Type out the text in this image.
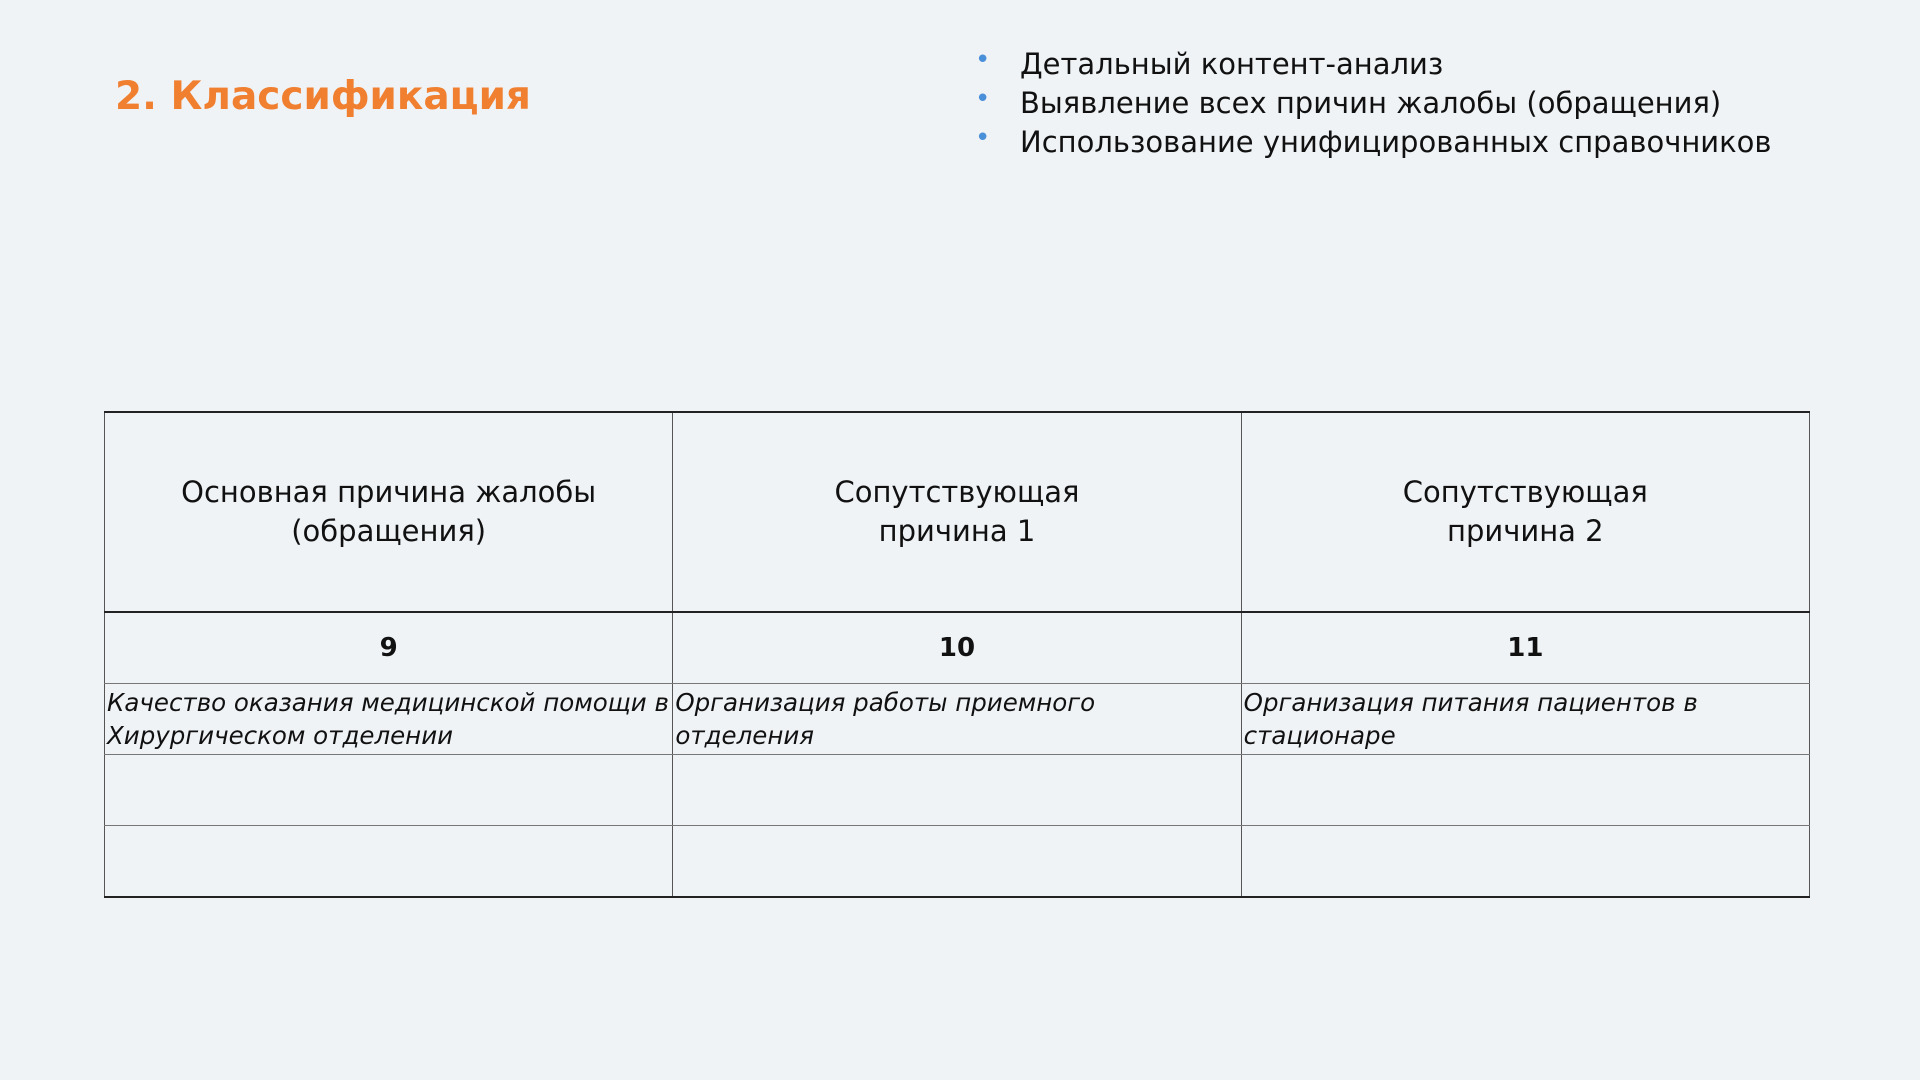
2. Классификация
• Детальный контент-анализ
• Выявление всех причин жалобы (обращения)
• Использование унифицированных справочников
Основная причина жалобы (обращения)	Сопутствующая причина 1	Сопутствующая причина 2
9	10	11
Качество оказания медицинской помощи в Хирургическом отделении	Организация работы приемного отделения	Организация питания пациентов в стационаре
